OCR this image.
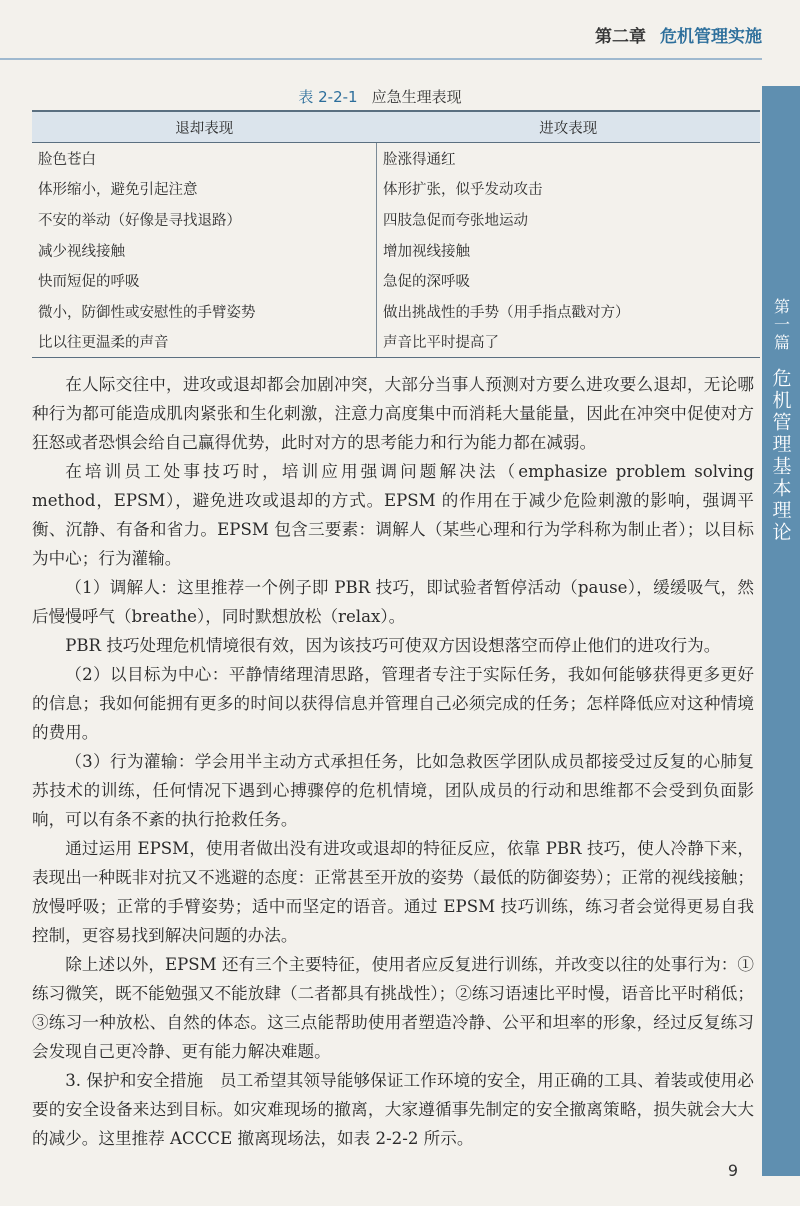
第二章 危机管理实施
第一篇
危机管理基本理论
表 2-2-1 应急生理表现
退却表现	进攻表现
脸色苍白	脸涨得通红
体形缩小，避免引起注意	体形扩张，似乎发动攻击
不安的举动（好像是寻找退路）	四肢急促而夸张地运动
减少视线接触	增加视线接触
快而短促的呼吸	急促的深呼吸
微小，防御性或安慰性的手臂姿势	做出挑战性的手势（用手指点戳对方）
比以往更温柔的声音	声音比平时提高了

在人际交往中，进攻或退却都会加剧冲突，大部分当事人预测对方要么进攻要么退却，无论哪种行为都可能造成肌肉紧张和生化刺激，注意力高度集中而消耗大量能量，因此在冲突中促使对方狂怒或者恐惧会给自己赢得优势，此时对方的思考能力和行为能力都在减弱。

在培训员工处事技巧时，培训应用强调问题解决法（emphasize problem solving method，EPSM），避免进攻或退却的方式。EPSM 的作用在于减少危险刺激的影响，强调平衡、沉静、有备和省力。EPSM 包含三要素：调解人（某些心理和行为学科称为制止者）；以目标为中心；行为灌输。

（1）调解人：这里推荐一个例子即 PBR 技巧，即试验者暂停活动（pause），缓缓吸气，然后慢慢呼气（breathe），同时默想放松（relax）。

PBR 技巧处理危机情境很有效，因为该技巧可使双方因设想落空而停止他们的进攻行为。

（2）以目标为中心：平静情绪理清思路，管理者专注于实际任务，我如何能够获得更多更好的信息；我如何能拥有更多的时间以获得信息并管理自己必须完成的任务；怎样降低应对这种情境的费用。

（3）行为灌输：学会用半主动方式承担任务，比如急救医学团队成员都接受过反复的心肺复苏技术的训练，任何情况下遇到心搏骤停的危机情境，团队成员的行动和思维都不会受到负面影响，可以有条不紊的执行抢救任务。

通过运用 EPSM，使用者做出没有进攻或退却的特征反应，依靠 PBR 技巧，使人冷静下来，表现出一种既非对抗又不逃避的态度：正常甚至开放的姿势（最低的防御姿势）；正常的视线接触；放慢呼吸；正常的手臂姿势；适中而坚定的语音。通过 EPSM 技巧训练，练习者会觉得更易自我控制，更容易找到解决问题的办法。

除上述以外，EPSM 还有三个主要特征，使用者应反复进行训练，并改变以往的处事行为：①练习微笑，既不能勉强又不能放肆（二者都具有挑战性）；②练习语速比平时慢，语音比平时稍低；③练习一种放松、自然的体态。这三点能帮助使用者塑造冷静、公平和坦率的形象，经过反复练习会发现自己更冷静、更有能力解决难题。

3. 保护和安全措施　员工希望其领导能够保证工作环境的安全，用正确的工具、着装或使用必要的安全设备来达到目标。如灾难现场的撤离，大家遵循事先制定的安全撤离策略，损失就会大大的减少。这里推荐 ACCCE 撤离现场法，如表 2-2-2 所示。

9
